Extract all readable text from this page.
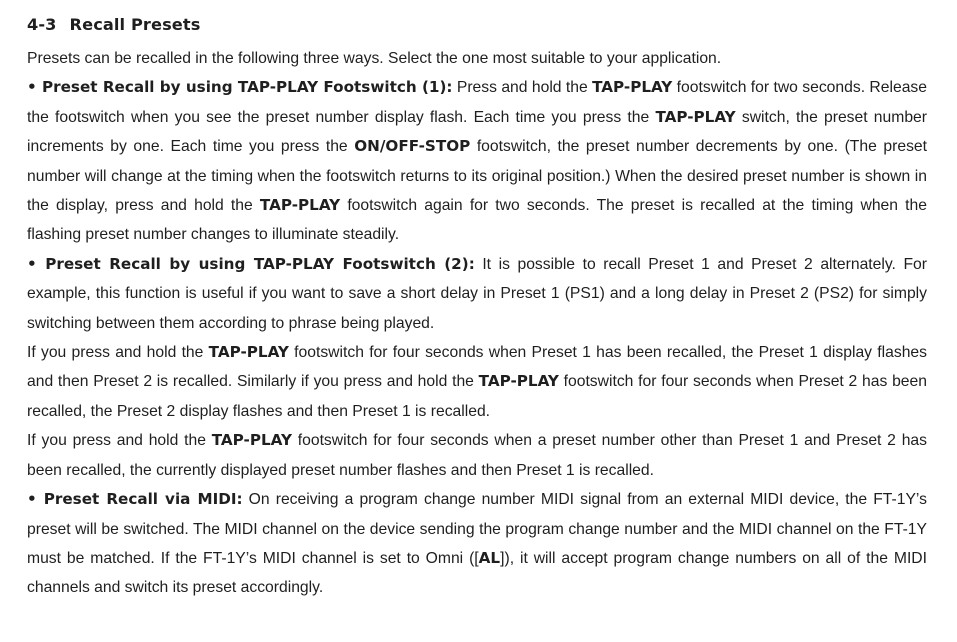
4-3 Recall Presets

Presets can be recalled in the following three ways. Select the one most suitable to your application.

• Preset Recall by using TAP-PLAY Footswitch (1): Press and hold the TAP-PLAY footswitch for two seconds. Release the footswitch when you see the preset number display flash. Each time you press the TAP-PLAY switch, the preset number increments by one. Each time you press the ON/OFF-STOP footswitch, the preset number decrements by one. (The preset number will change at the timing when the footswitch returns to its original position.) When the desired preset number is shown in the display, press and hold the TAP-PLAY footswitch again for two seconds. The preset is recalled at the timing when the flashing preset number changes to illuminate steadily.

• Preset Recall by using TAP-PLAY Footswitch (2): It is possible to recall Preset 1 and Preset 2 alternately. For example, this function is useful if you want to save a short delay in Preset 1 (PS1) and a long delay in Preset 2 (PS2) for simply switching between them according to phrase being played.

If you press and hold the TAP-PLAY footswitch for four seconds when Preset 1 has been recalled, the Preset 1 display flashes and then Preset 2 is recalled. Similarly if you press and hold the TAP-PLAY footswitch for four seconds when Preset 2 has been recalled, the Preset 2 display flashes and then Preset 1 is recalled.

If you press and hold the TAP-PLAY footswitch for four seconds when a preset number other than Preset 1 and Preset 2 has been recalled, the currently displayed preset number flashes and then Preset 1 is recalled.

• Preset Recall via MIDI: On receiving a program change number MIDI signal from an external MIDI device, the FT-1Y’s preset will be switched. The MIDI channel on the device sending the program change number and the MIDI channel on the FT-1Y must be matched. If the FT-1Y’s MIDI channel is set to Omni ([AL]), it will accept program change numbers on all of the MIDI channels and switch its preset accordingly.
